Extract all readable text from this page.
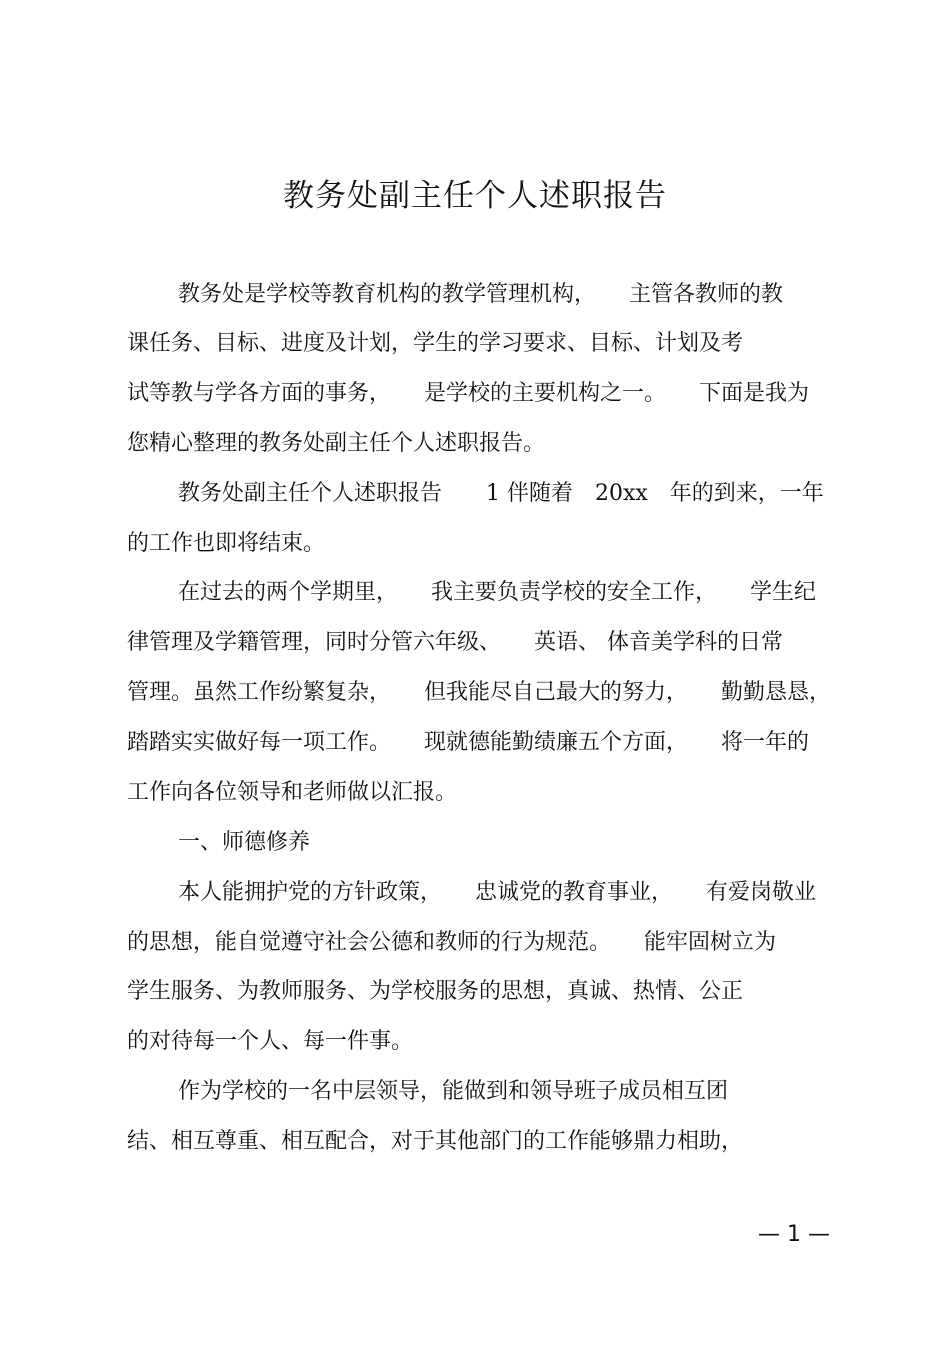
教务处副主任个人述职报告
教务处是学校等教育机构的教学管理机构，　　主管各教师的教
课任务、目标、进度及计划，学生的学习要求、目标、计划及考
试等教与学各方面的事务，　　是学校的主要机构之一。　　下面是我为
您精心整理的教务处副主任个人述职报告。
教务处副主任个人述职报告　　1 伴随着　20xx　年的到来，一年
的工作也即将结束。
在过去的两个学期里，　　我主要负责学校的安全工作，　　学生纪
律管理及学籍管理，同时分管六年级、　　英语、 体音美学科的日常
管理。虽然工作纷繁复杂，　　但我能尽自己最大的努力，　　勤勤恳恳，
踏踏实实做好每一项工作。　　现就德能勤绩廉五个方面，　　将一年的
工作向各位领导和老师做以汇报。
一、师德修养
本人能拥护党的方针政策，　　忠诚党的教育事业，　　有爱岗敬业
的思想，能自觉遵守社会公德和教师的行为规范。　　能牢固树立为
学生服务、为教师服务、为学校服务的思想，真诚、热情、公正
的对待每一个人、每一件事。
作为学校的一名中层领导，能做到和领导班子成员相互团
结、相互尊重、相互配合，对于其他部门的工作能够鼎力相助，
— 1 —
